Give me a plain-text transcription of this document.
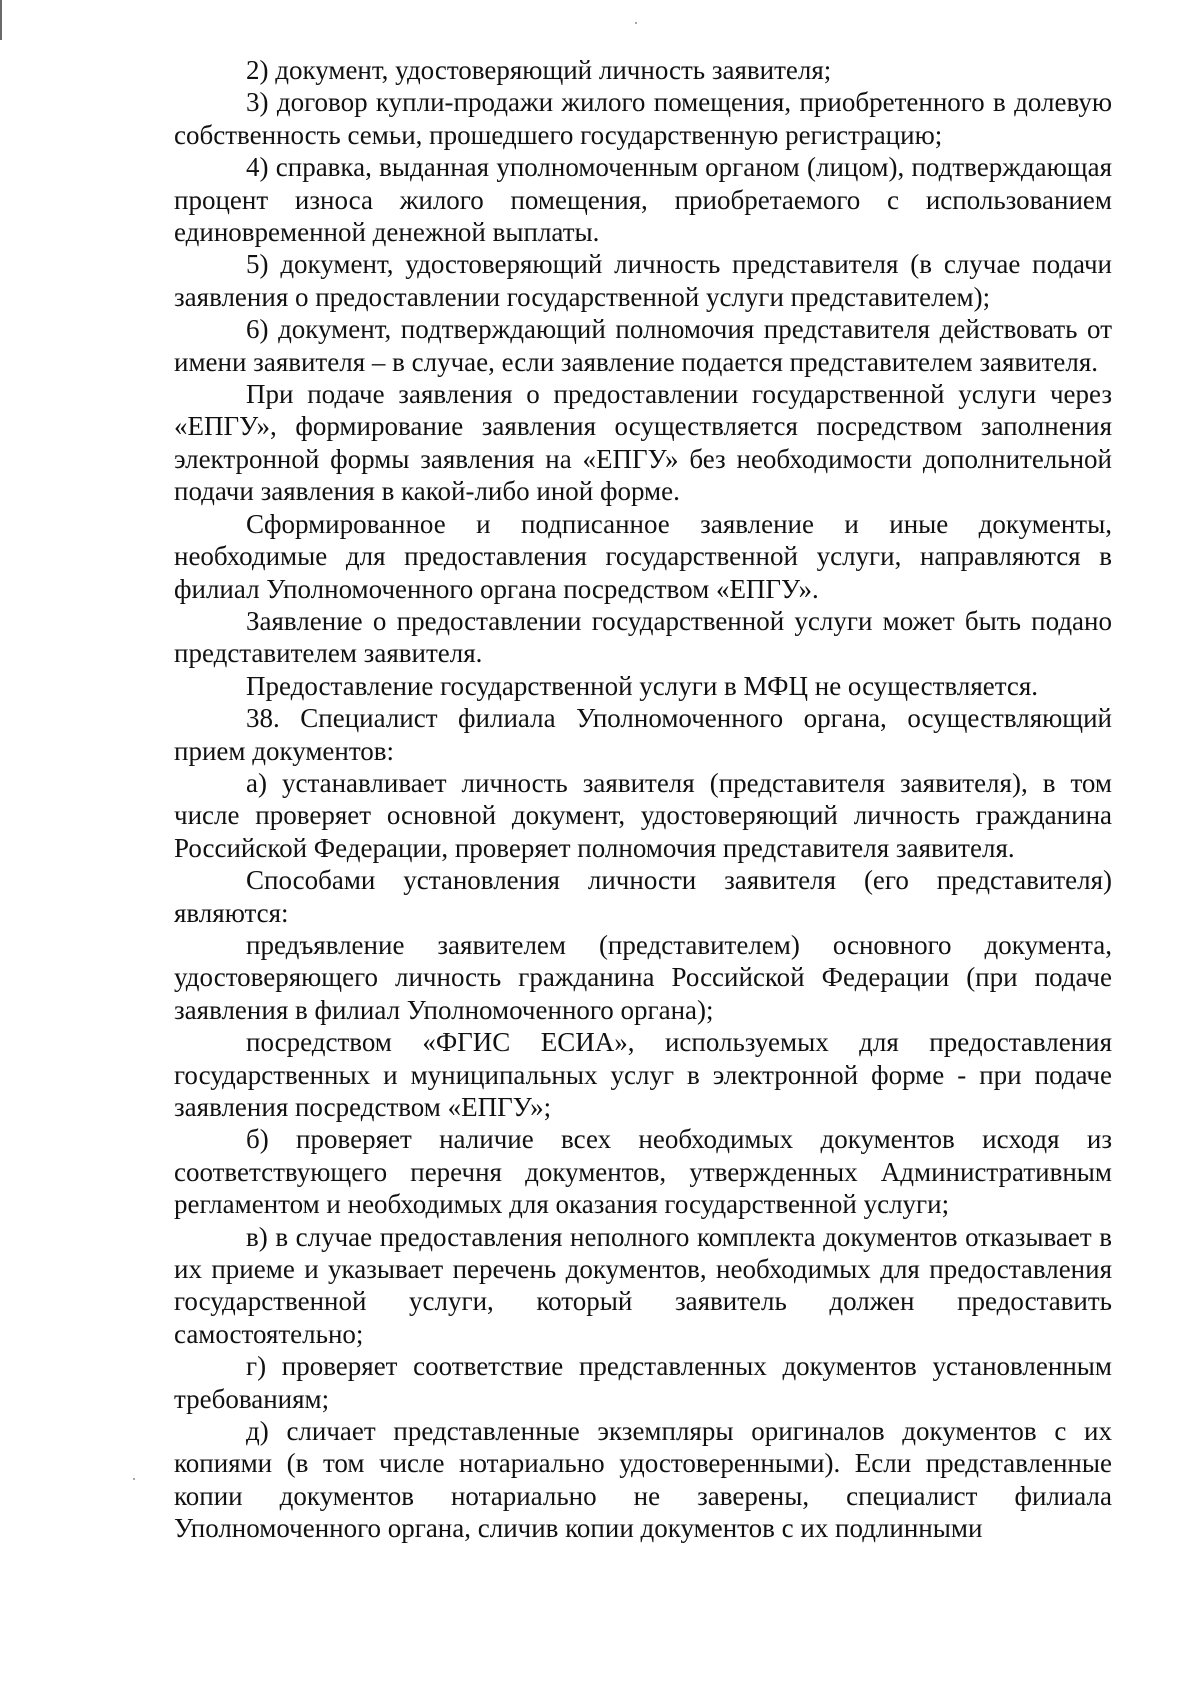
2) документ, удостоверяющий личность заявителя;

3) договор купли-продажи жилого помещения, приобретенного в долевую собственность семьи, прошедшего государственную регистрацию;

4) справка, выданная уполномоченным органом (лицом), подтверждающая процент износа жилого помещения, приобретаемого с использованием единовременной денежной выплаты.

5) документ, удостоверяющий личность представителя (в случае подачи заявления о предоставлении государственной услуги представителем);

6) документ, подтверждающий полномочия представителя действовать от имени заявителя – в случае, если заявление подается представителем заявителя.

При подаче заявления о предоставлении государственной услуги через «ЕПГУ», формирование заявления осуществляется посредством заполнения электронной формы заявления на «ЕПГУ» без необходимости дополнительной подачи заявления в какой-либо иной форме.

Сформированное и подписанное заявление и иные документы, необходимые для предоставления государственной услуги, направляются в филиал Уполномоченного органа посредством «ЕПГУ».

Заявление о предоставлении государственной услуги может быть подано представителем заявителя.

Предоставление государственной услуги в МФЦ не осуществляется.

38. Специалист филиала Уполномоченного органа, осуществляющий прием документов:

а) устанавливает личность заявителя (представителя заявителя), в том числе проверяет основной документ, удостоверяющий личность гражданина Российской Федерации, проверяет полномочия представителя заявителя.

Способами установления личности заявителя (его представителя) являются:

предъявление заявителем (представителем) основного документа, удостоверяющего личность гражданина Российской Федерации (при подаче заявления в филиал Уполномоченного органа);

посредством «ФГИС ЕСИА», используемых для предоставления государственных и муниципальных услуг в электронной форме - при подаче заявления посредством «ЕПГУ»;

б) проверяет наличие всех необходимых документов исходя из соответствующего перечня документов, утвержденных Административным регламентом и необходимых для оказания государственной услуги;

в) в случае предоставления неполного комплекта документов отказывает в их приеме и указывает перечень документов, необходимых для предоставления государственной услуги, который заявитель должен предоставить самостоятельно;

г) проверяет соответствие представленных документов установленным требованиям;

д) сличает представленные экземпляры оригиналов документов с их копиями (в том числе нотариально удостоверенными). Если представленные копии документов нотариально не заверены, специалист филиала Уполномоченного органа, сличив копии документов с их подлинными
